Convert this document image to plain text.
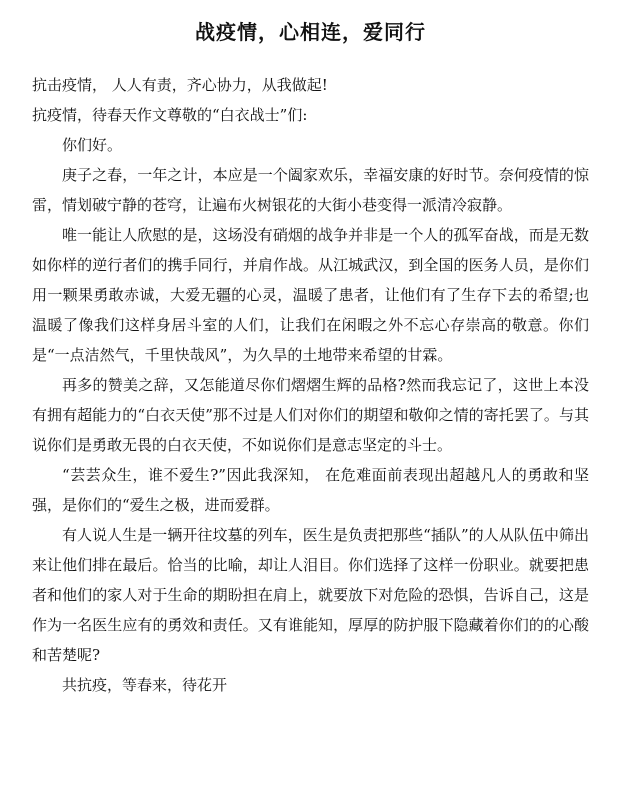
战疫情，心相连，爱同行

抗击疫情， 人人有责，齐心协力，从我做起!

抗疫情，待春天作文尊敬的“白衣战士”们:

你们好。

庚子之春，一年之计，本应是一个阖家欢乐，幸福安康的好时节。奈何疫情的惊雷，情划破宁静的苍穹，让遍布火树银花的大街小巷变得一派清冷寂静。

唯一能让人欣慰的是，这场没有硝烟的战争并非是一个人的孤军奋战，而是无数如你样的逆行者们的携手同行，并肩作战。从江城武汉，到全国的医务人员，是你们用一颗果勇敢赤诚，大爱无疆的心灵，温暖了患者，让他们有了生存下去的希望;也温暖了像我们这样身居斗室的人们，让我们在闲暇之外不忘心存崇高的敬意。你们是“一点洁然气，千里快哉风”，为久旱的土地带来希望的甘霖。

再多的赞美之辞，又怎能道尽你们熠熠生辉的品格?然而我忘记了，这世上本没有拥有超能力的“白衣天使”那不过是人们对你们的期望和敬仰之情的寄托罢了。与其说你们是勇敢无畏的白衣天使，不如说你们是意志坚定的斗士。

“芸芸众生，谁不爱生?”因此我深知， 在危难面前表现出超越凡人的勇敢和坚强，是你们的“爱生之极，进而爱群。

有人说人生是一辆开往坟墓的列车，医生是负责把那些“插队”的人从队伍中筛出来让他们排在最后。恰当的比喻，却让人泪目。你们选择了这样一份职业。就要把患者和他们的家人对于生命的期盼担在肩上，就要放下对危险的恐惧，告诉自己，这是作为一名医生应有的勇效和责任。又有谁能知，厚厚的防护服下隐藏着你们的的心酸和苦楚呢?

共抗疫，等春来，待花开
